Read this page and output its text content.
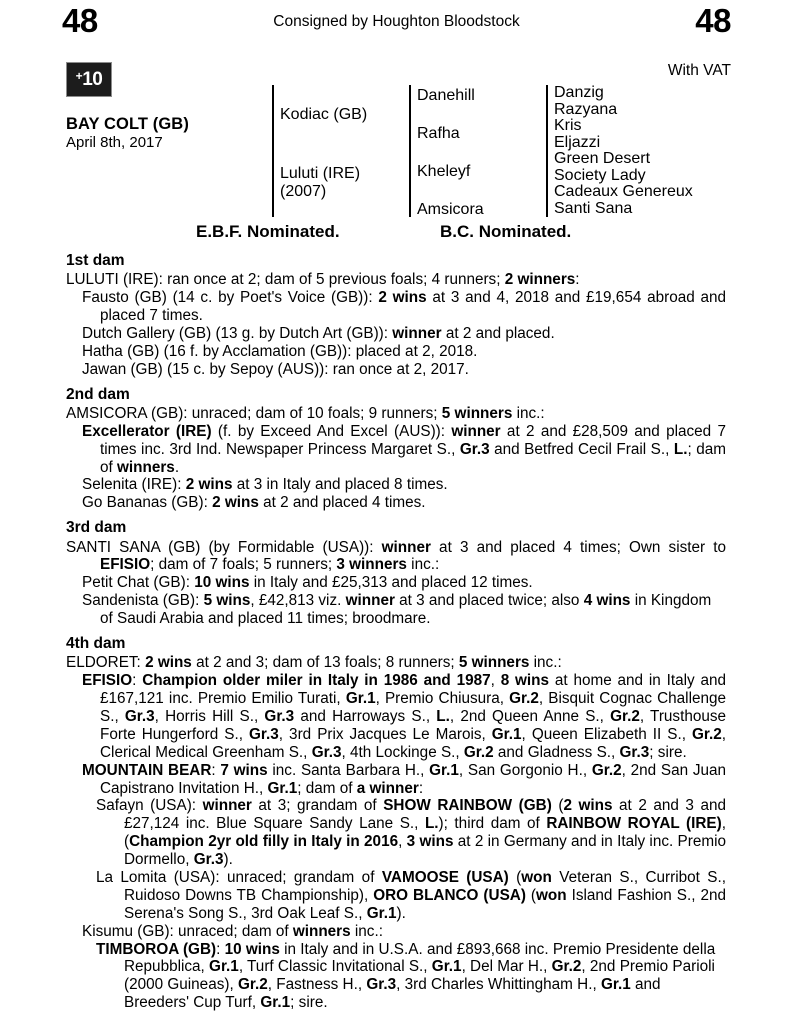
48	Consigned by Houghton Bloodstock	48
With VAT
+ 10
BAY COLT (GB)
April 8th, 2017
Kodiac (GB)
Luluti (IRE)
(2007)
Danehill
Rafha
Kheleyf
Amsicora
Danzig
Razyana
Kris
Eljazzi
Green Desert
Society Lady
Cadeaux Genereux
Santi Sana
E.B.F. Nominated.	B.C. Nominated.
1st dam

LULUTI (IRE): ran once at 2; dam of 5 previous foals; 4 runners; 2 winners:

Fausto (GB) (14 c. by Poet's Voice (GB)): 2 wins at 3 and 4, 2018 and £19,654 abroad and placed 7 times.

Dutch Gallery (GB) (13 g. by Dutch Art (GB)): winner at 2 and placed.

Hatha (GB) (16 f. by Acclamation (GB)): placed at 2, 2018.

Jawan (GB) (15 c. by Sepoy (AUS)): ran once at 2, 2017.

2nd dam

AMSICORA (GB): unraced; dam of 10 foals; 9 runners; 5 winners inc.:

Excellerator (IRE) (f. by Exceed And Excel (AUS)): winner at 2 and £28,509 and placed 7 times inc. 3rd Ind. Newspaper Princess Margaret S., Gr.3 and Betfred Cecil Frail S., L.; dam of winners.

Selenita (IRE): 2 wins at 3 in Italy and placed 8 times.

Go Bananas (GB): 2 wins at 2 and placed 4 times.

3rd dam

SANTI SANA (GB) (by Formidable (USA)): winner at 3 and placed 4 times; Own sister to EFISIO; dam of 7 foals; 5 runners; 3 winners inc.:

Petit Chat (GB): 10 wins in Italy and £25,313 and placed 12 times.

Sandenista (GB): 5 wins, £42,813 viz. winner at 3 and placed twice; also 4 wins in Kingdom of Saudi Arabia and placed 11 times; broodmare.

4th dam

ELDORET: 2 wins at 2 and 3; dam of 13 foals; 8 runners; 5 winners inc.:

EFISIO: Champion older miler in Italy in 1986 and 1987, 8 wins at home and in Italy and £167,121 inc. Premio Emilio Turati, Gr.1, Premio Chiusura, Gr.2, Bisquit Cognac Challenge S., Gr.3, Horris Hill S., Gr.3 and Harroways S., L., 2nd Queen Anne S., Gr.2, Trusthouse Forte Hungerford S., Gr.3, 3rd Prix Jacques Le Marois, Gr.1, Queen Elizabeth II S., Gr.2, Clerical Medical Greenham S., Gr.3, 4th Lockinge S., Gr.2 and Gladness S., Gr.3; sire.

MOUNTAIN BEAR: 7 wins inc. Santa Barbara H., Gr.1, San Gorgonio H., Gr.2, 2nd San Juan Capistrano Invitation H., Gr.1; dam of a winner:

Safayn (USA): winner at 3; grandam of SHOW RAINBOW (GB) (2 wins at 2 and 3 and £27,124 inc. Blue Square Sandy Lane S., L.); third dam of RAINBOW ROYAL (IRE), (Champion 2yr old filly in Italy in 2016, 3 wins at 2 in Germany and in Italy inc. Premio Dormello, Gr.3).

La Lomita (USA): unraced; grandam of VAMOOSE (USA) (won Veteran S., Curribot S., Ruidoso Downs TB Championship), ORO BLANCO (USA) (won Island Fashion S., 2nd Serena's Song S., 3rd Oak Leaf S., Gr.1).

Kisumu (GB): unraced; dam of winners inc.:

TIMBOROA (GB): 10 wins in Italy and in U.S.A. and £893,668 inc. Premio Presidente della Repubblica, Gr.1, Turf Classic Invitational S., Gr.1, Del Mar H., Gr.2, 2nd Premio Parioli (2000 Guineas), Gr.2, Fastness H., Gr.3, 3rd Charles Whittingham H., Gr.1 and Breeders' Cup Turf, Gr.1; sire.
